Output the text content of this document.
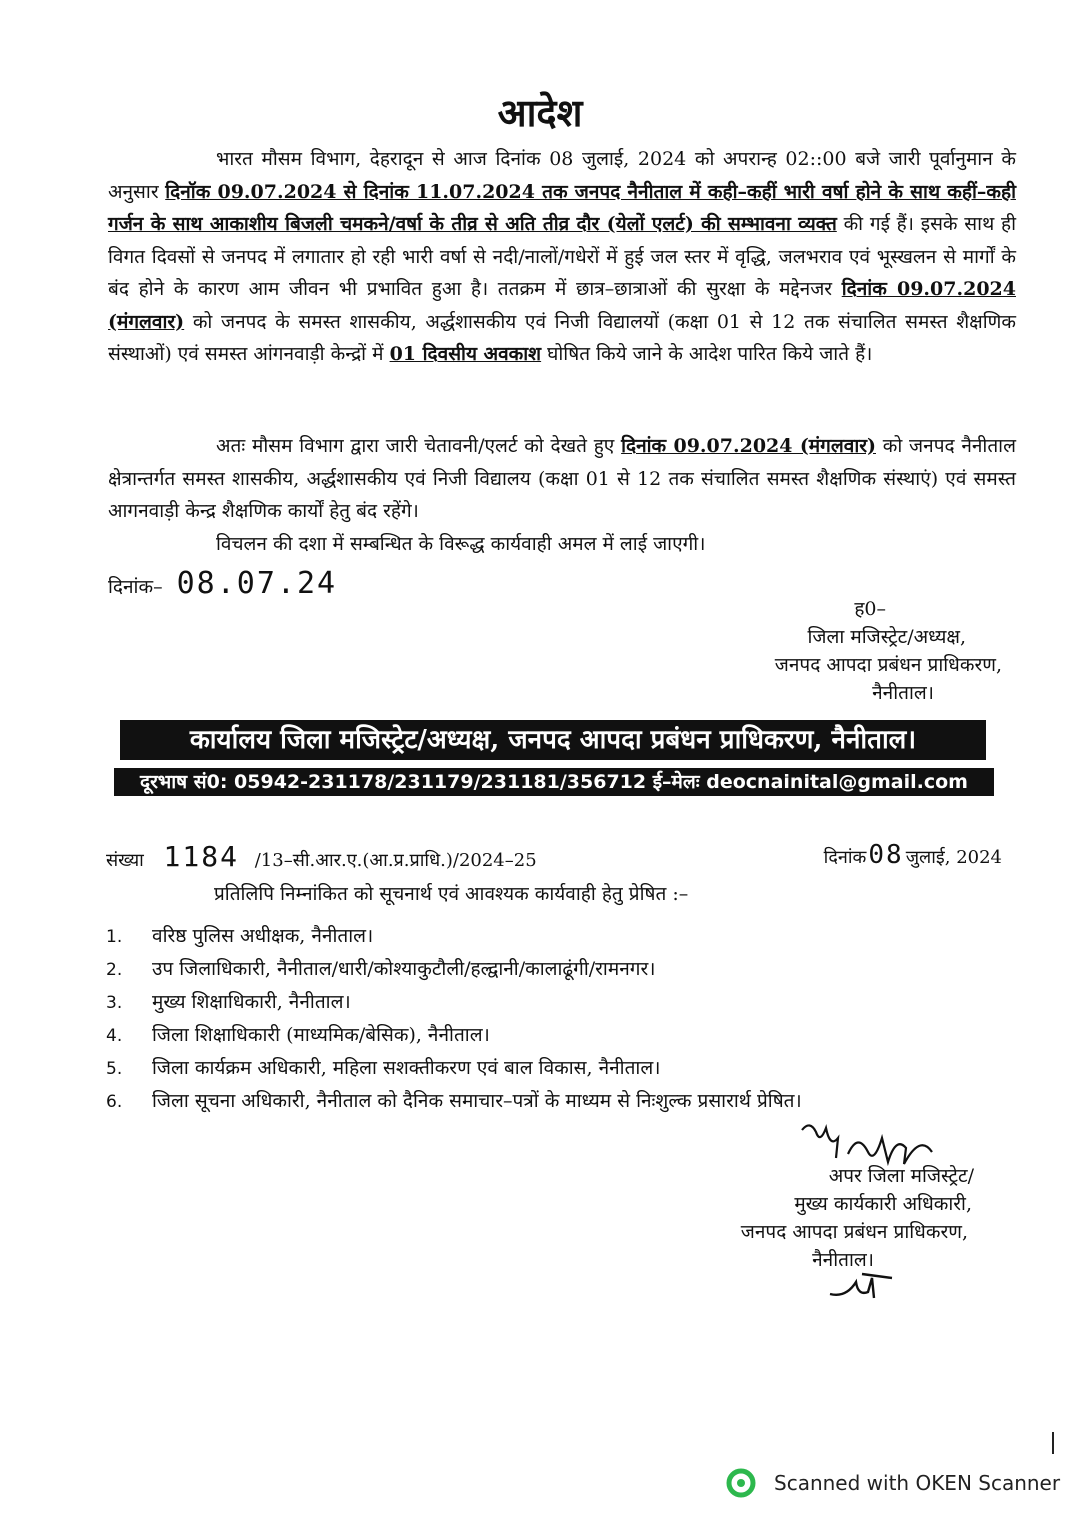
आदेश
भारत मौसम विभाग, देहरादून से आज दिनांक 08 जुलाई, 2024 को अपरान्ह 02::00 बजे जारी पूर्वानुमान के अनुसार दिनॉक 09.07.2024 से दिनांक 11.07.2024 तक जनपद नैनीताल में कही–कहीं भारी वर्षा होने के साथ कहीं–कही गर्जन के साथ आकाशीय बिजली चमकने/वर्षा के तीव्र से अति तीव्र दौर (येलों एलर्ट) की सम्भावना व्यक्त की गई हैं। इसके साथ ही विगत दिवसों से जनपद में लगातार हो रही भारी वर्षा से नदी/नालों/गधेरों में हुई जल स्तर में वृद्धि, जलभराव एवं भूस्खलन से मार्गों के बंद होने के कारण आम जीवन भी प्रभावित हुआ है। ततक्रम में छात्र–छात्राओं की सुरक्षा के मद्देनजर दिनांक 09.07.2024 (मंगलवार) को जनपद के समस्त शासकीय, अर्द्धशासकीय एवं निजी विद्यालयों (कक्षा 01 से 12 तक संचालित समस्त शैक्षणिक संस्थाओं) एवं समस्त आंगनवाड़ी केन्द्रों में 01 दिवसीय अवकाश घोषित किये जाने के आदेश पारित किये जाते हैं।
अतः मौसम विभाग द्वारा जारी चेतावनी/एलर्ट को देखते हुए दिनांक 09.07.2024 (मंगलवार) को जनपद नैनीताल क्षेत्रान्तर्गत समस्त शासकीय, अर्द्धशासकीय एवं निजी विद्यालय (कक्षा 01 से 12 तक संचालित समस्त शैक्षणिक संस्थाएं) एवं समस्त आगनवाड़ी केन्द्र शैक्षणिक कार्यों हेतु बंद रहेंगे।
विचलन की दशा में सम्बन्धित के विरूद्ध कार्यवाही अमल में लाई जाएगी।
दिनांक– 08.07.24
ह0–
जिला मजिस्ट्रेट/अध्यक्ष,
जनपद आपदा प्रबंधन प्राधिकरण,
नैनीताल।
कार्यालय जिला मजिस्ट्रेट/अध्यक्ष, जनपद आपदा प्रबंधन प्राधिकरण, नैनीताल।
दूरभाष सं0: 05942-231178/231179/231181/356712 ई–मेलः deocnainital@gmail.com
संख्या 1184 /13–सी.आर.ए.(आ.प्र.प्राधि.)/2024–25	दिनांक08 जुलाई, 2024
प्रतिलिपि निम्नांकित को सूचनार्थ एवं आवश्यक कार्यवाही हेतु प्रेषित :–
1. वरिष्ठ पुलिस अधीक्षक, नैनीताल।
2. उप जिलाधिकारी, नैनीताल/धारी/कोश्याकुटौली/हल्द्वानी/कालाढूंगी/रामनगर।
3. मुख्य शिक्षाधिकारी, नैनीताल।
4. जिला शिक्षाधिकारी (माध्यमिक/बेसिक), नैनीताल।
5. जिला कार्यक्रम अधिकारी, महिला सशक्तीकरण एवं बाल विकास, नैनीताल।
6. जिला सूचना अधिकारी, नैनीताल को दैनिक समाचार–पत्रों के माध्यम से निःशुल्क प्रसारार्थ प्रेषित।
अपर जिला मजिस्ट्रेट/
मुख्य कार्यकारी अधिकारी,
जनपद आपदा प्रबंधन प्राधिकरण,
नैनीताल।
Scanned with OKEN Scanner
